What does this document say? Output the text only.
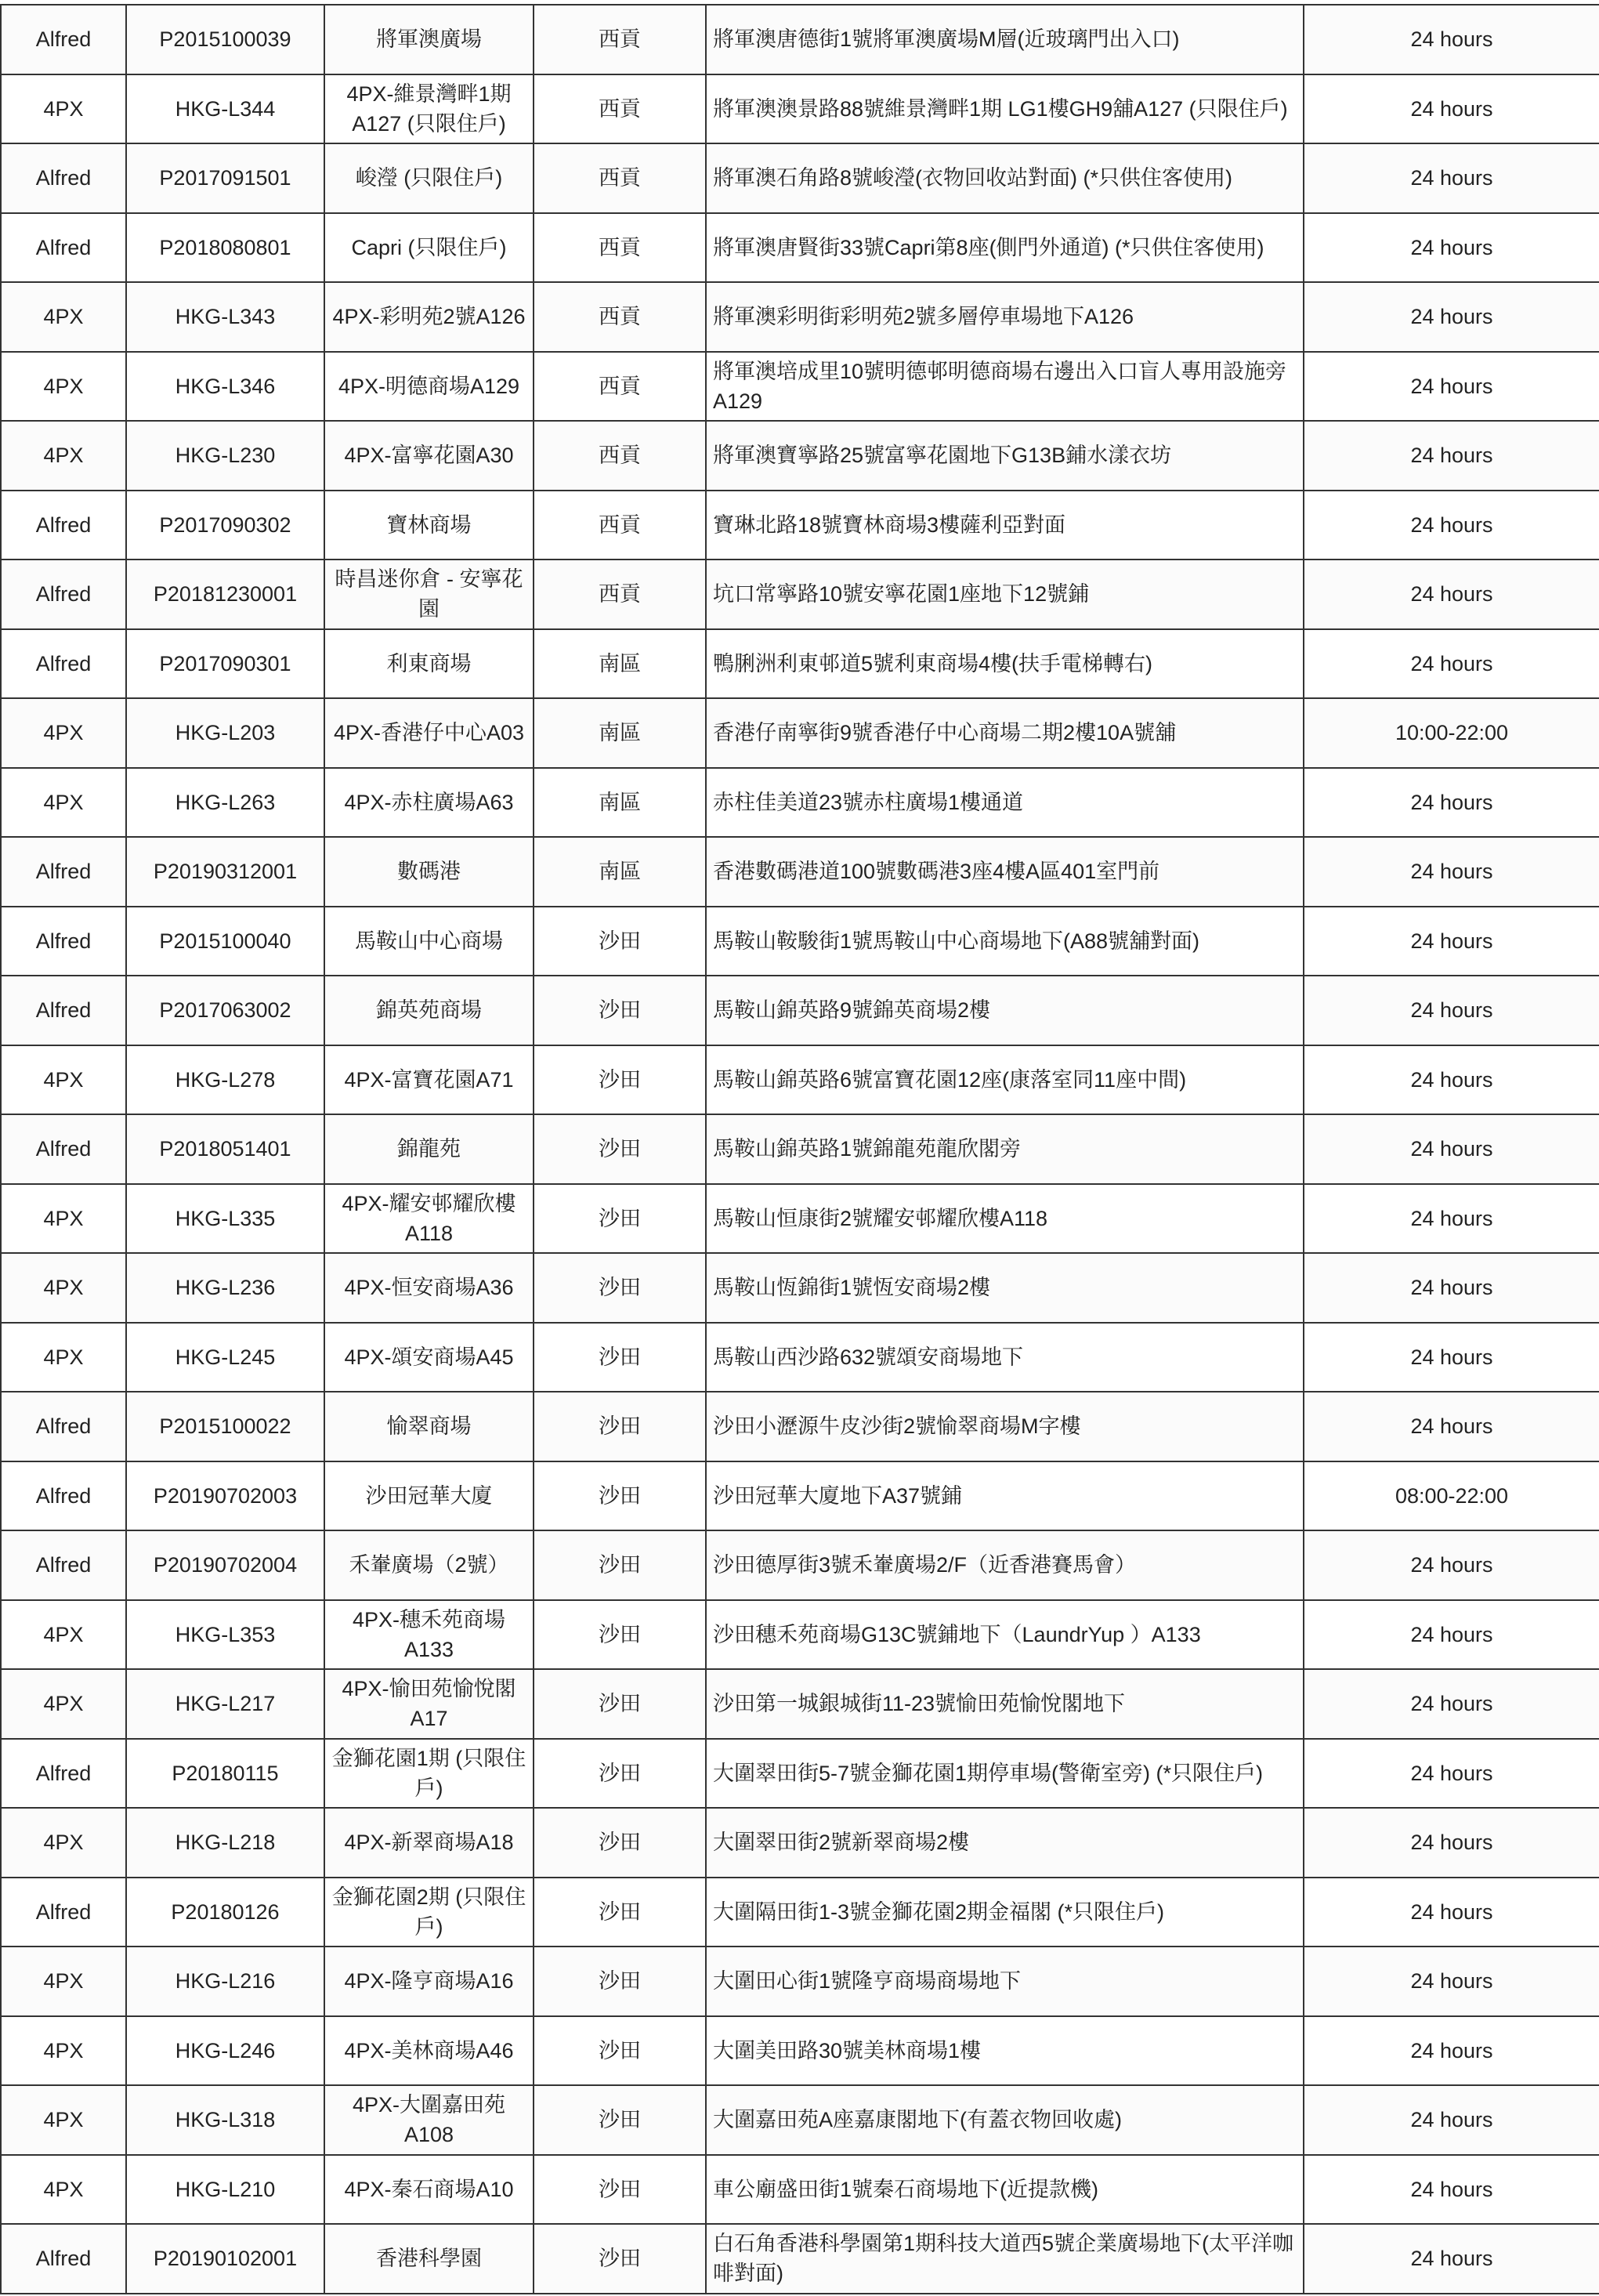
Alfred	P2015100039	將軍澳廣場	西貢	將軍澳唐德街1號將軍澳廣場M層(近玻璃門出入口)	24 hours
4PX	HKG-L344	4PX-維景灣畔1期A127 (只限住戶)	西貢	將軍澳澳景路88號維景灣畔1期 LG1樓GH9舖A127 (只限住戶)	24 hours
Alfred	P2017091501	峻瀅 (只限住戶)	西貢	將軍澳石角路8號峻瀅(衣物回收站對面) (*只供住客使用)	24 hours
Alfred	P2018080801	Capri (只限住戶)	西貢	將軍澳唐賢街33號Capri第8座(側門外通道) (*只供住客使用)	24 hours
4PX	HKG-L343	4PX-彩明苑2號A126	西貢	將軍澳彩明街彩明苑2號多層停車場地下A126	24 hours
4PX	HKG-L346	4PX-明德商場A129	西貢	將軍澳培成里10號明德邨明德商場右邊出入口盲人專用設施旁A129	24 hours
4PX	HKG-L230	4PX-富寧花園A30	西貢	將軍澳寶寧路25號富寧花園地下G13B鋪水漾衣坊	24 hours
Alfred	P2017090302	寶林商場	西貢	寶琳北路18號寶林商場3樓薩利亞對面	24 hours
Alfred	P20181230001	時昌迷你倉 - 安寧花園	西貢	坑口常寧路10號安寧花園1座地下12號鋪	24 hours
Alfred	P2017090301	利東商場	南區	鴨脷洲利東邨道5號利東商場4樓(扶手電梯轉右)	24 hours
4PX	HKG-L203	4PX-香港仔中心A03	南區	香港仔南寧街9號香港仔中心商場二期2樓10A號舖	10:00-22:00
4PX	HKG-L263	4PX-赤柱廣場A63	南區	赤柱佳美道23號赤柱廣場1樓通道	24 hours
Alfred	P20190312001	數碼港	南區	香港數碼港道100號數碼港3座4樓A區401室門前	24 hours
Alfred	P2015100040	馬鞍山中心商場	沙田	馬鞍山鞍駿街1號馬鞍山中心商場地下(A88號舖對面)	24 hours
Alfred	P2017063002	錦英苑商場	沙田	馬鞍山錦英路9號錦英商場2樓	24 hours
4PX	HKG-L278	4PX-富寶花園A71	沙田	馬鞍山錦英路6號富寶花園12座(康落室同11座中間)	24 hours
Alfred	P2018051401	錦龍苑	沙田	馬鞍山錦英路1號錦龍苑龍欣閣旁	24 hours
4PX	HKG-L335	4PX-耀安邨耀欣樓A118	沙田	馬鞍山恒康街2號耀安邨耀欣樓A118	24 hours
4PX	HKG-L236	4PX-恒安商場A36	沙田	馬鞍山恆錦街1號恆安商場2樓	24 hours
4PX	HKG-L245	4PX-頌安商場A45	沙田	馬鞍山西沙路632號頌安商場地下	24 hours
Alfred	P2015100022	愉翠商場	沙田	沙田小瀝源牛皮沙街2號愉翠商場M字樓	24 hours
Alfred	P20190702003	沙田冠華大廈	沙田	沙田冠華大廈地下A37號鋪	08:00-22:00
Alfred	P20190702004	禾輋廣場（2號）	沙田	沙田德厚街3號禾輋廣場2/F（近香港賽馬會）	24 hours
4PX	HKG-L353	4PX-穗禾苑商場A133	沙田	沙田穗禾苑商場G13C號鋪地下（LaundrYup ）A133	24 hours
4PX	HKG-L217	4PX-愉田苑愉悅閣A17	沙田	沙田第一城銀城街11-23號愉田苑愉悅閣地下	24 hours
Alfred	P20180115	金獅花園1期 (只限住戶)	沙田	大圍翠田街5-7號金獅花園1期停車場(警衛室旁) (*只限住戶)	24 hours
4PX	HKG-L218	4PX-新翠商場A18	沙田	大圍翠田街2號新翠商場2樓	24 hours
Alfred	P20180126	金獅花園2期 (只限住戶)	沙田	大圍隔田街1-3號金獅花園2期金福閣 (*只限住戶)	24 hours
4PX	HKG-L216	4PX-隆亨商場A16	沙田	大圍田心街1號隆亨商場商場地下	24 hours
4PX	HKG-L246	4PX-美林商場A46	沙田	大圍美田路30號美林商場1樓	24 hours
4PX	HKG-L318	4PX-大圍嘉田苑A108	沙田	大圍嘉田苑A座嘉康閣地下(有蓋衣物回收處)	24 hours
4PX	HKG-L210	4PX-秦石商場A10	沙田	車公廟盛田街1號秦石商場地下(近提款機)	24 hours
Alfred	P20190102001	香港科學園	沙田	白石角香港科學園第1期科技大道西5號企業廣場地下(太平洋咖啡對面)	24 hours
